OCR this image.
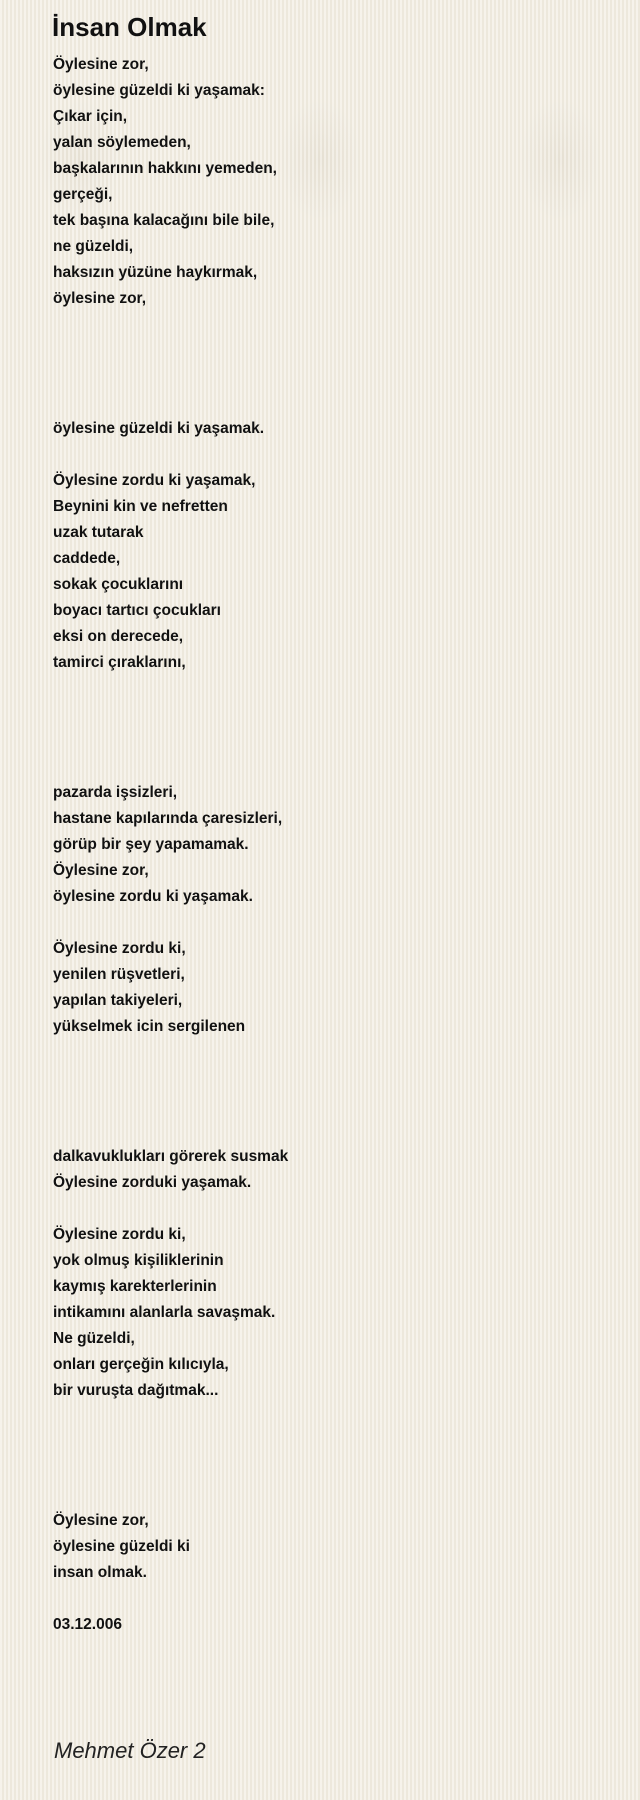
İnsan Olmak
Öylesine zor,
öylesine güzeldi ki yaşamak:
Çıkar için,
yalan söylemeden,
başkalarının hakkını yemeden,
gerçeği,
tek başına kalacağını bile bile,
ne güzeldi,
haksızın yüzüne haykırmak,
öylesine zor,
öylesine güzeldi ki yaşamak.
Öylesine zordu ki yaşamak,
Beynini kin ve nefretten
uzak tutarak
caddede,
sokak çocuklarını
boyacı tartıcı çocukları
eksi on derecede,
tamirci çıraklarını,
pazarda işsizleri,
hastane kapılarında çaresizleri,
görüp bir şey yapamamak.
Öylesine zor,
öylesine zordu ki yaşamak.
Öylesine zordu ki,
yenilen rüşvetleri,
yapılan takiyeleri,
yükselmek icin sergilenen
dalkavuklukları görerek susmak
Öylesine zorduki yaşamak.
Öylesine zordu ki,
yok olmuş kişiliklerinin
kaymış karekterlerinin
intikamını alanlarla savaşmak.
Ne güzeldi,
onları gerçeğin kılıcıyla,
bir vuruşta dağıtmak...
Öylesine zor,
öylesine güzeldi ki
insan olmak.
03.12.006
Mehmet Özer 2
